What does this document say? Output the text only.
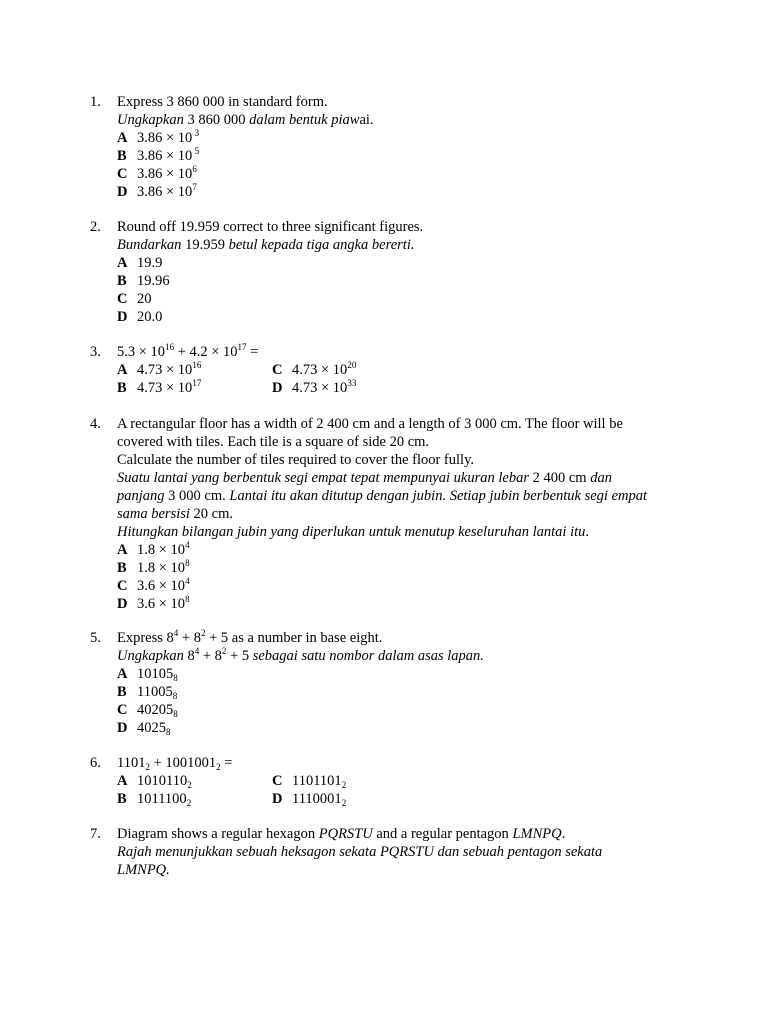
1. Express 3 860 000 in standard form.
Ungkapkan 3 860 000 dalam bentuk piawai.
A 3.86 × 10 $^3$
B 3.86 × 10 $^5$
C $3.86 \times 10^6$
D $3.86 \times 10^7$
2. Round off 19.959 correct to three significant figures.
Bundarkan 19.959 betul kepada tiga angka bererti.
A 19.9
B 19.96
C 20
D 20.0
3. $5.3 \times 10^{16} + 4.2 \times 10^{17}$ =
A $4.73 \times 10^{16}$	C $4.73 \times 10^{20}$
B $4.73 \times 10^{17}$	D $4.73 \times 10^{33}$
4. A rectangular floor has a width of 2 400 cm and a length of 3 000 cm. The floor will be
covered with tiles. Each tile is a square of side 20 cm.
Calculate the number of tiles required to cover the floor fully.
Suatu lantai yang berbentuk segi empat tepat mempunyai ukuran lebar 2 400 cm dan
panjang 3 000 cm. Lantai itu akan ditutup dengan jubin. Setiap jubin berbentuk segi empat
sama bersisi 20 cm.
Hitungkan bilangan jubin yang diperlukan untuk menutup keseluruhan lantai itu.
A $1.8 \times 10^4$
B $1.8 \times 10^8$
C $3.6 \times 10^4$
D $3.6 \times 10^8$
5. Express $8^4 + 8^2 + 5$ as a number in base eight.
Ungkapkan $8^4 + 8^2 + 5$ sebagai satu nombor dalam asas lapan.
A $10105_8$
B $11005_8$
C $40205_8$
D $4025_8$
6. $1101_2 + 1001001_2$ =
A $1010110_2$	C $1101101_2$
B $1011100_2$	D $1110001_2$
7. Diagram shows a regular hexagon PQRSTU and a regular pentagon LMNPQ.
Rajah menunjukkan sebuah heksagon sekata PQRSTU dan sebuah pentagon sekata
LMNPQ.
